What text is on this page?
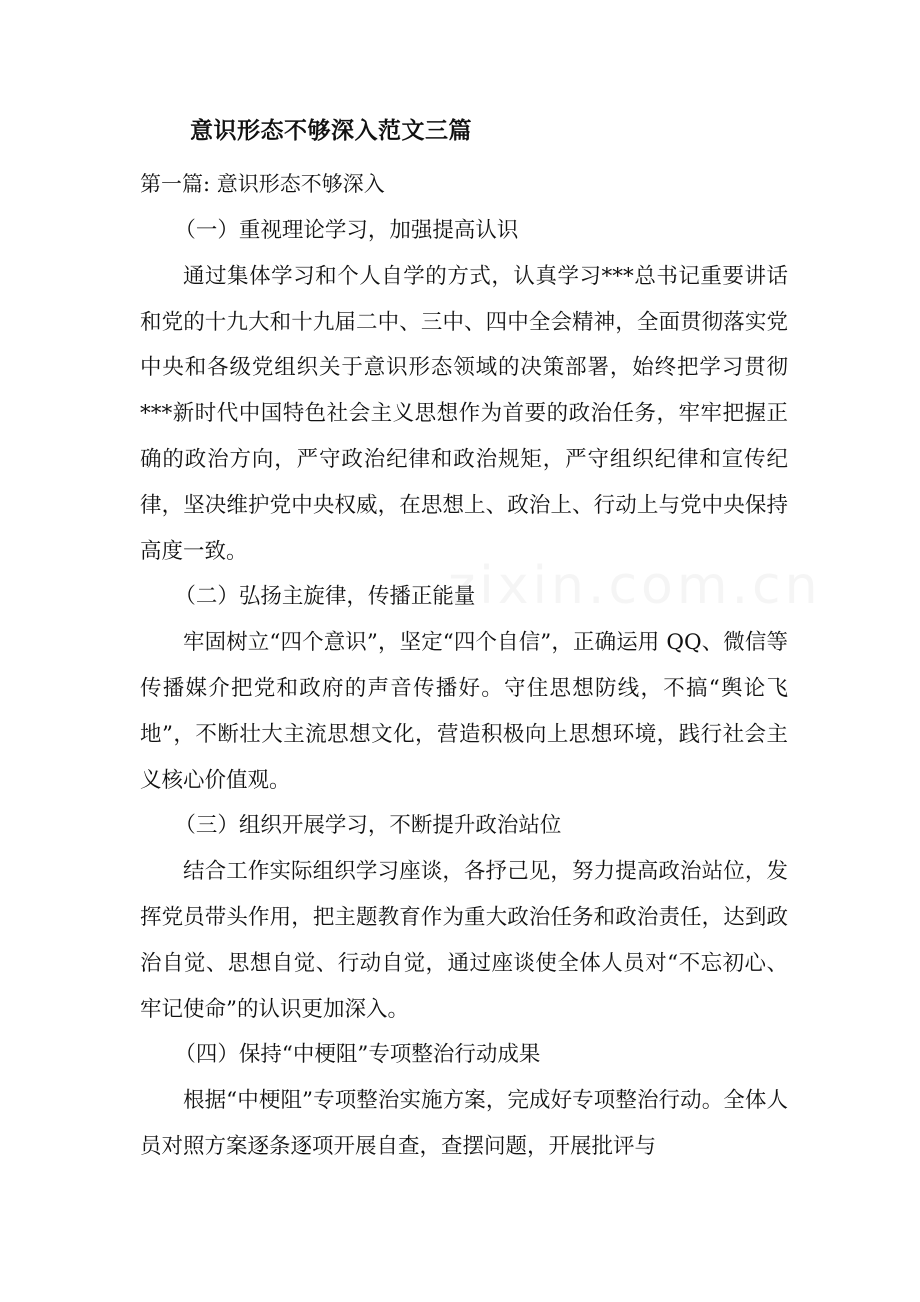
意识形态不够深入范文三篇
第一篇: 意识形态不够深入

（一）重视理论学习，加强提高认识

通过集体学习和个人自学的方式，认真学习***总书记重要讲话和党的十九大和十九届二中、三中、四中全会精神，全面贯彻落实党中央和各级党组织关于意识形态领域的决策部署，始终把学习贯彻***新时代中国特色社会主义思想作为首要的政治任务，牢牢把握正确的政治方向，严守政治纪律和政治规矩，严守组织纪律和宣传纪律，坚决维护党中央权威，在思想上、政治上、行动上与党中央保持高度一致。

（二）弘扬主旋律，传播正能量

牢固树立“四个意识”，坚定“四个自信”，正确运用 QQ、微信等传播媒介把党和政府的声音传播好。守住思想防线，不搞“舆论飞地”，不断壮大主流思想文化，营造积极向上思想环境，践行社会主义核心价值观。

（三）组织开展学习，不断提升政治站位

结合工作实际组织学习座谈，各抒己见，努力提高政治站位，发挥党员带头作用，把主题教育作为重大政治任务和政治责任，达到政治自觉、思想自觉、行动自觉，通过座谈使全体人员对“不忘初心、牢记使命”的认识更加深入。

（四）保持“中梗阻”专项整治行动成果

根据“中梗阻”专项整治实施方案，完成好专项整治行动。全体人员对照方案逐条逐项开展自查，查摆问题，开展批评与

zixin.com.cn
